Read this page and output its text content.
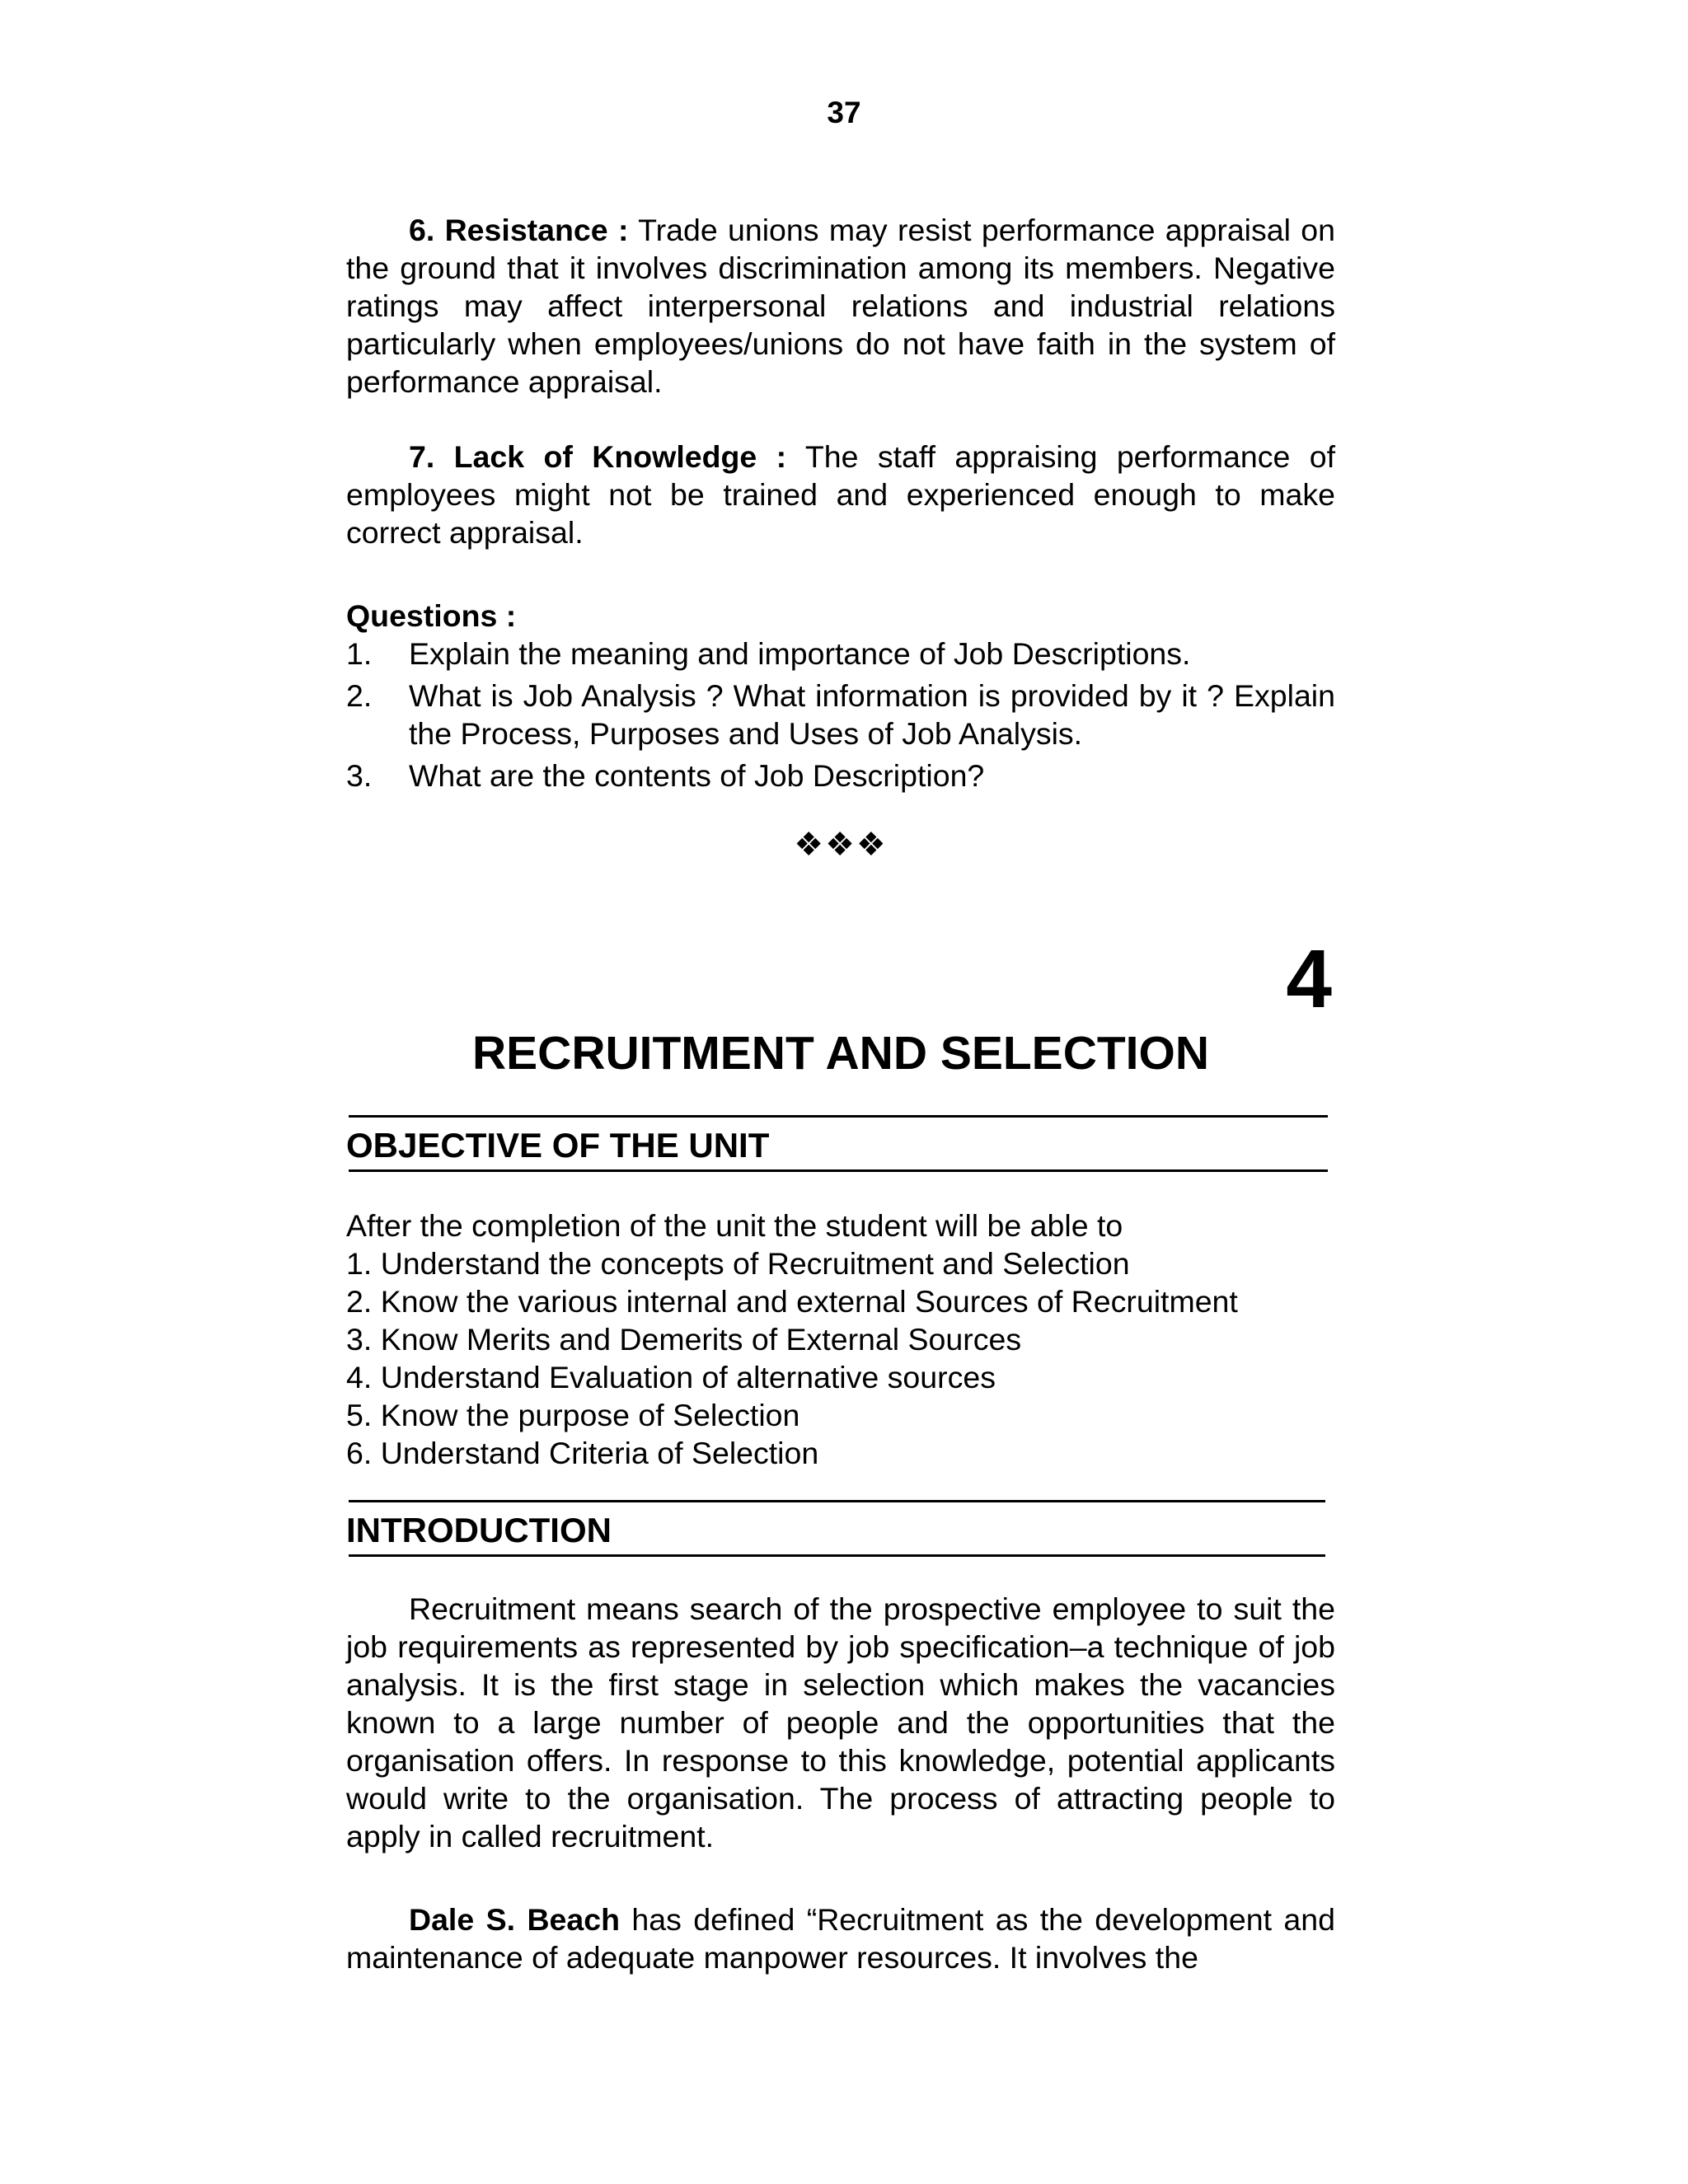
37

6. Resistance : Trade unions may resist performance appraisal on the ground that it involves discrimination among its members. Negative ratings may affect interpersonal relations and industrial relations particularly when employees/unions do not have faith in the system of performance appraisal.

7. Lack of Knowledge : The staff appraising performance of employees might not be trained and experienced enough to make correct appraisal.

Questions :
1. Explain the meaning and importance of Job Descriptions.
2. What is Job Analysis ? What information is provided by it ? Explain the Process, Purposes and Uses of Job Analysis.
3. What are the contents of Job Description?
❖❖❖
4
RECRUITMENT AND SELECTION
OBJECTIVE OF THE UNIT
After the completion of the unit the student will be able to
1. Understand the concepts of Recruitment and Selection
2. Know the various internal and external Sources of Recruitment
3. Know Merits and Demerits of External Sources
4. Understand Evaluation of alternative sources
5. Know the purpose of Selection
6. Understand Criteria of Selection
INTRODUCTION

Recruitment means search of the prospective employee to suit the job requirements as represented by job specification–a technique of job analysis. It is the first stage in selection which makes the vacancies known to a large number of people and the opportunities that the organisation offers. In response to this knowledge, potential applicants would write to the organisation. The process of attracting people to apply in called recruitment.

Dale S. Beach has defined “Recruitment as the development and maintenance of adequate manpower resources. It involves the
